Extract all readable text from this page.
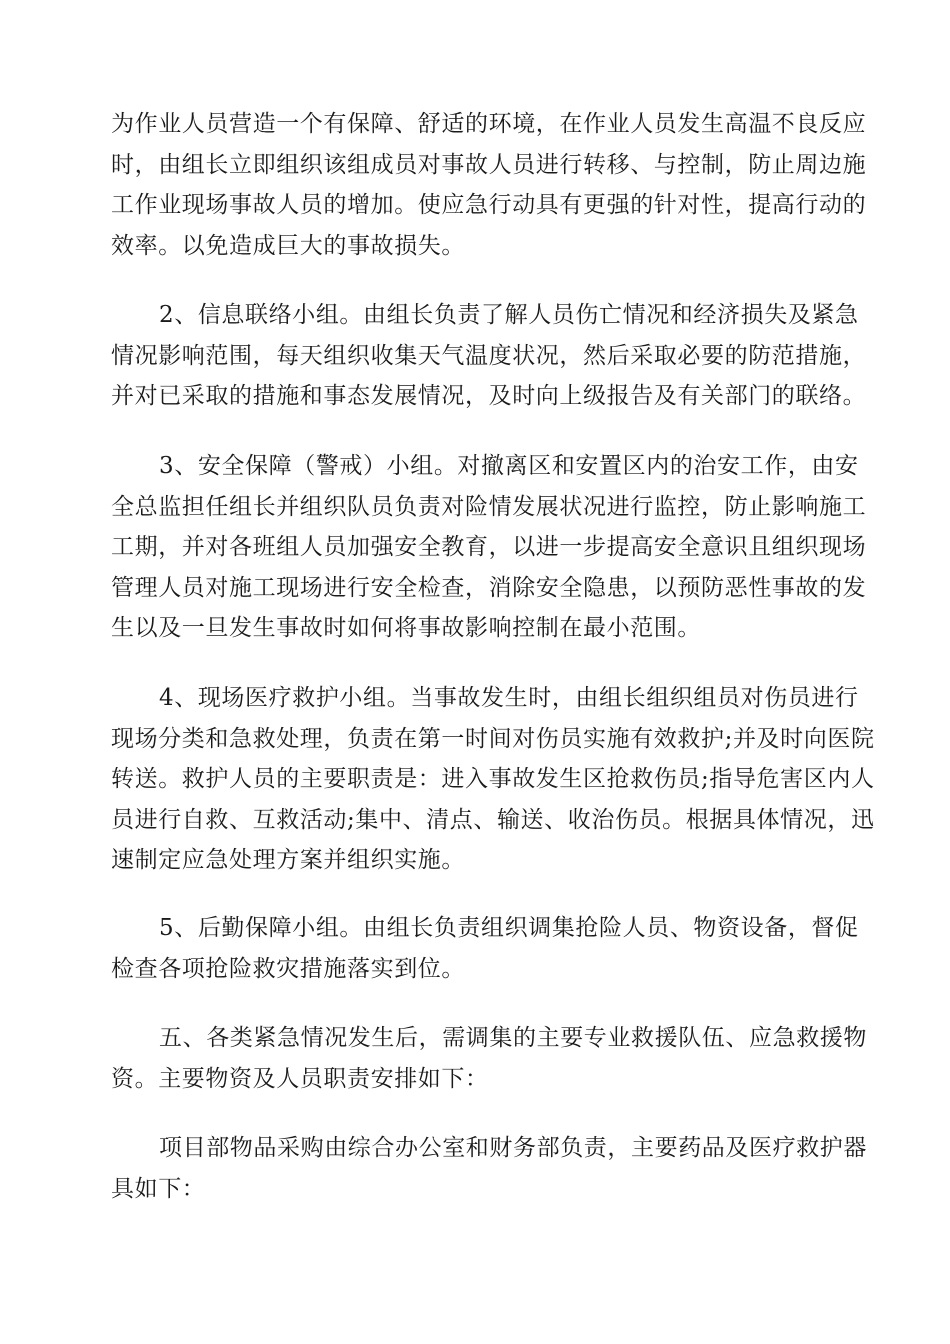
为作业人员营造一个有保障、舒适的环境，在作业人员发生高温不良反应
时，由组长立即组织该组成员对事故人员进行转移、与控制，防止周边施
工作业现场事故人员的增加。使应急行动具有更强的针对性，提高行动的
效率。以免造成巨大的事故损失。

2、信息联络小组。由组长负责了解人员伤亡情况和经济损失及紧急
情况影响范围，每天组织收集天气温度状况，然后采取必要的防范措施，
并对已采取的措施和事态发展情况，及时向上级报告及有关部门的联络。

3、安全保障（警戒）小组。对撤离区和安置区内的治安工作，由安
全总监担任组长并组织队员负责对险情发展状况进行监控，防止影响施工
工期，并对各班组人员加强安全教育，以进一步提高安全意识且组织现场
管理人员对施工现场进行安全检查，消除安全隐患，以预防恶性事故的发
生以及一旦发生事故时如何将事故影响控制在最小范围。

4、现场医疗救护小组。当事故发生时，由组长组织组员对伤员进行
现场分类和急救处理，负责在第一时间对伤员实施有效救护;并及时向医院
转送。救护人员的主要职责是：进入事故发生区抢救伤员;指导危害区内人
员进行自救、互救活动;集中、清点、输送、收治伤员。根据具体情况，迅
速制定应急处理方案并组织实施。

5、后勤保障小组。由组长负责组织调集抢险人员、物资设备，督促
检查各项抢险救灾措施落实到位。

五、各类紧急情况发生后，需调集的主要专业救援队伍、应急救援物
资。主要物资及人员职责安排如下：

项目部物品采购由综合办公室和财务部负责，主要药品及医疗救护器
具如下：
